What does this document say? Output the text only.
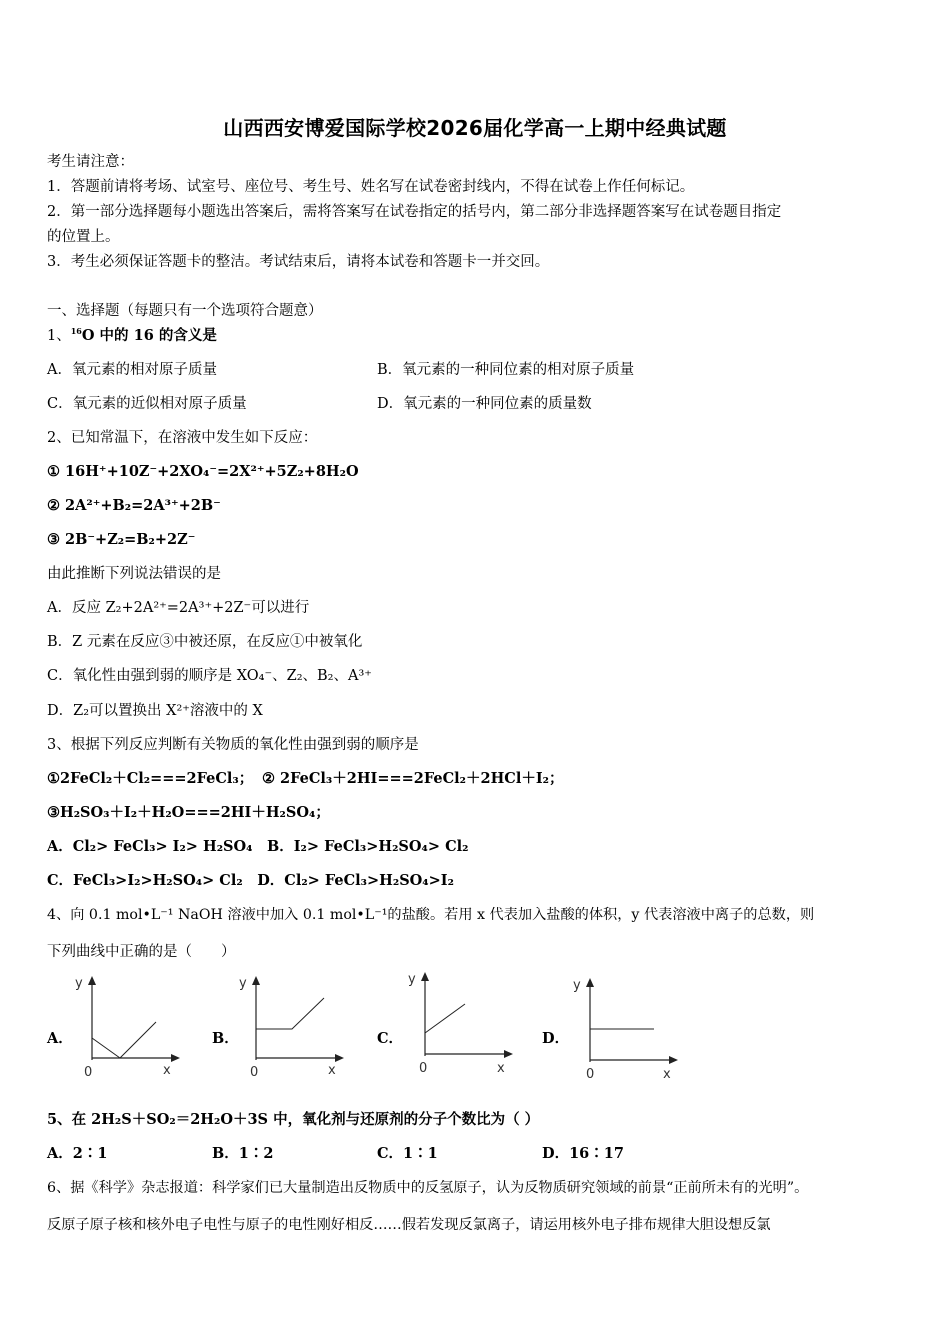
山西西安博爱国际学校2026届化学高一上期中经典试题
考生请注意：
1．答题前请将考场、试室号、座位号、考生号、姓名写在试卷密封线内，不得在试卷上作任何标记。
2．第一部分选择题每小题选出答案后，需将答案写在试卷指定的括号内，第二部分非选择题答案写在试卷题目指定
的位置上。
3．考生必须保证答题卡的整洁。考试结束后，请将本试卷和答题卡一并交回。
一、选择题（每题只有一个选项符合题意）
1、$^{16}$O 中的 16 的含义是
A．氧元素的相对原子质量	B．氧元素的一种同位素的相对原子质量
C．氧元素的近似相对原子质量	D．氧元素的一种同位素的质量数
2、已知常温下，在溶液中发生如下反应：
① 16H⁺+10Z⁻+2XO₄⁻=2X²⁺+5Z₂+8H₂O
② 2A²⁺+B₂=2A³⁺+2B⁻
③ 2B⁻+Z₂=B₂+2Z⁻
由此推断下列说法错误的是
A．反应 Z₂+2A²⁺=2A³⁺+2Z⁻可以进行
B．Z 元素在反应③中被还原，在反应①中被氧化
C．氧化性由强到弱的顺序是 XO₄⁻、Z₂、B₂、A³⁺
D．Z₂可以置换出 X²⁺溶液中的 X
3、根据下列反应判断有关物质的氧化性由强到弱的顺序是
①2FeCl₂＋Cl₂===2FeCl₃； ② 2FeCl₃＋2HI===2FeCl₂＋2HCl＋I₂；
③H₂SO₃＋I₂＋H₂O===2HI＋H₂SO₄；
A．Cl₂> FeCl₃> I₂> H₂SO₄　B．I₂> FeCl₃>H₂SO₄> Cl₂
C．FeCl₃>I₂>H₂SO₄> Cl₂　D．Cl₂> FeCl₃>H₂SO₄>I₂
4、向 0.1 mol•L⁻¹ NaOH 溶液中加入 0.1 mol•L⁻¹的盐酸。若用 x 代表加入盐酸的体积，y 代表溶液中离子的总数，则
下列曲线中正确的是（　　）
A．
y
0	x
B．
y
0	x
C．
y
0	x
D．
y
0	x
5、在 2H₂S＋SO₂＝2H₂O＋3S 中，氧化剂与还原剂的分子个数比为（ ）
A．2∶1	B．1∶2	C．1∶1	D．16∶17
6、据《科学》杂志报道：科学家们已大量制造出反物质中的反氢原子，认为反物质研究领域的前景“正前所未有的光明”。
反原子原子核和核外电子电性与原子的电性刚好相反……假若发现反氯离子，请运用核外电子排布规律大胆设想反氯
